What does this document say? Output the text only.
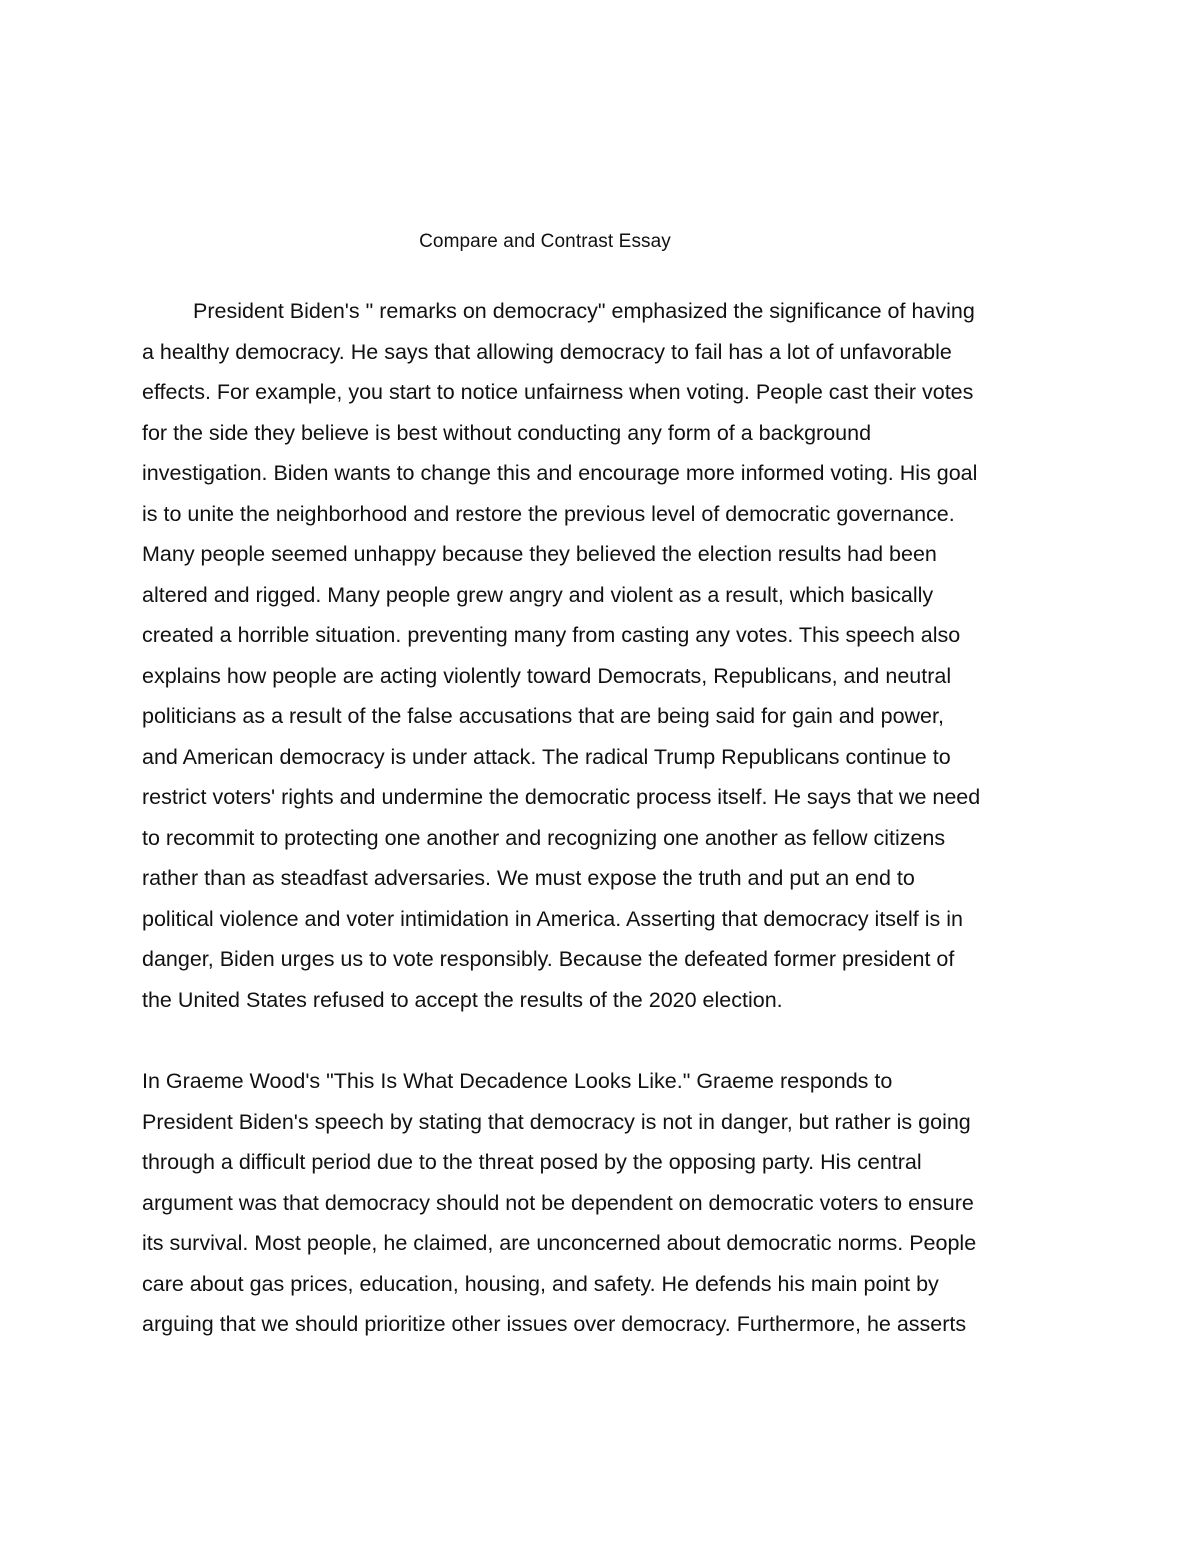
Compare and Contrast Essay
President Biden's " remarks on democracy" emphasized the significance of having
a healthy democracy. He says that allowing democracy to fail has a lot of unfavorable
effects. For example, you start to notice unfairness when voting. People cast their votes
for the side they believe is best without conducting any form of a background
investigation. Biden wants to change this and encourage more informed voting. His goal
is to unite the neighborhood and restore the previous level of democratic governance.
Many people seemed unhappy because they believed the election results had been
altered and rigged. Many people grew angry and violent as a result, which basically
created a horrible situation. preventing many from casting any votes. This speech also
explains how people are acting violently toward Democrats, Republicans, and neutral
politicians as a result of the false accusations that are being said for gain and power,
and American democracy is under attack. The radical Trump Republicans continue to
restrict voters' rights and undermine the democratic process itself. He says that we need
to recommit to protecting one another and recognizing one another as fellow citizens
rather than as steadfast adversaries. We must expose the truth and put an end to
political violence and voter intimidation in America. Asserting that democracy itself is in
danger, Biden urges us to vote responsibly. Because the defeated former president of
the United States refused to accept the results of the 2020 election.
In Graeme Wood's "This Is What Decadence Looks Like." Graeme responds to
President Biden's speech by stating that democracy is not in danger, but rather is going
through a difficult period due to the threat posed by the opposing party. His central
argument was that democracy should not be dependent on democratic voters to ensure
its survival. Most people, he claimed, are unconcerned about democratic norms. People
care about gas prices, education, housing, and safety. He defends his main point by
arguing that we should prioritize other issues over democracy. Furthermore, he asserts
